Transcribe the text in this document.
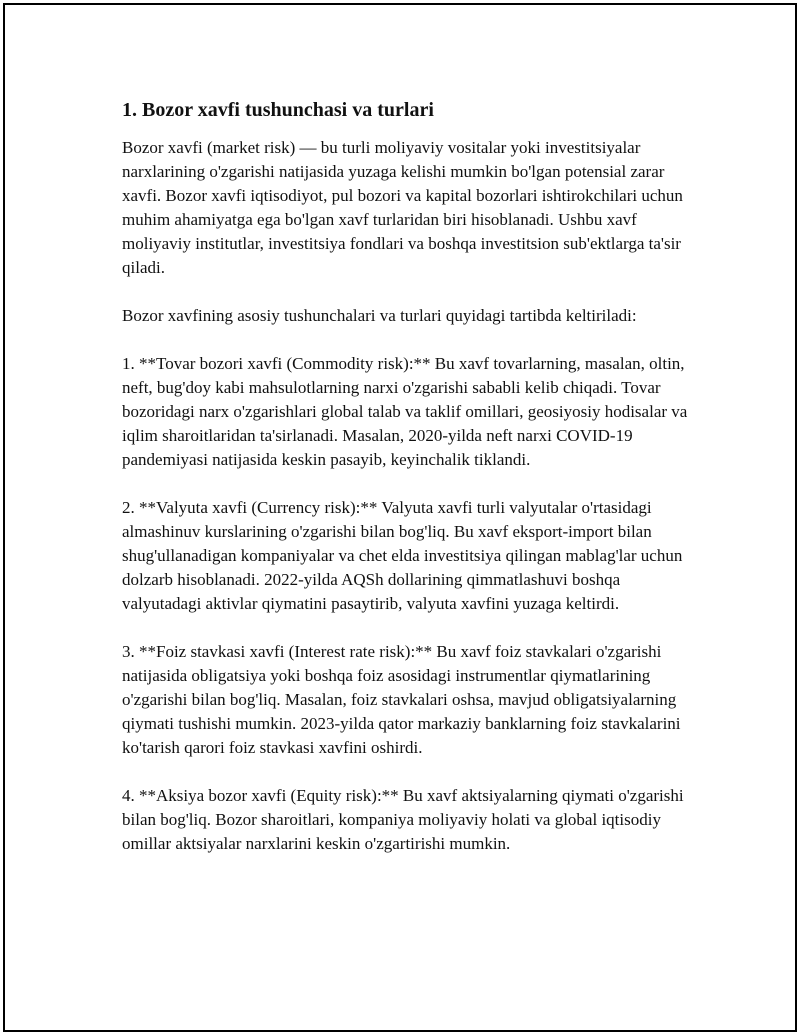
1. Bozor xavfi tushunchasi va turlari

Bozor xavfi (market risk) — bu turli moliyaviy vositalar yoki investitsiyalar narxlarining o'zgarishi natijasida yuzaga kelishi mumkin bo'lgan potensial zarar xavfi. Bozor xavfi iqtisodiyot, pul bozori va kapital bozorlari ishtirokchilari uchun muhim ahamiyatga ega bo'lgan xavf turlaridan biri hisoblanadi. Ushbu xavf moliyaviy institutlar, investitsiya fondlari va boshqa investitsion sub'ektlarga ta'sir qiladi.

Bozor xavfining asosiy tushunchalari va turlari quyidagi tartibda keltiriladi:

1. **Tovar bozori xavfi (Commodity risk):** Bu xavf tovarlarning, masalan, oltin, neft, bug'doy kabi mahsulotlarning narxi o'zgarishi sababli kelib chiqadi. Tovar bozoridagi narx o'zgarishlari global talab va taklif omillari, geosiyosiy hodisalar va iqlim sharoitlaridan ta'sirlanadi. Masalan, 2020-yilda neft narxi COVID-19 pandemiyasi natijasida keskin pasayib, keyinchalik tiklandi.

2. **Valyuta xavfi (Currency risk):** Valyuta xavfi turli valyutalar o'rtasidagi almashinuv kurslarining o'zgarishi bilan bog'liq. Bu xavf eksport-import bilan shug'ullanadigan kompaniyalar va chet elda investitsiya qilingan mablag'lar uchun dolzarb hisoblanadi. 2022-yilda AQSh dollarining qimmatlashuvi boshqa valyutadagi aktivlar qiymatini pasaytirib, valyuta xavfini yuzaga keltirdi.

3. **Foiz stavkasi xavfi (Interest rate risk):** Bu xavf foiz stavkalari o'zgarishi natijasida obligatsiya yoki boshqa foiz asosidagi instrumentlar qiymatlarining o'zgarishi bilan bog'liq. Masalan, foiz stavkalari oshsa, mavjud obligatsiyalarning qiymati tushishi mumkin. 2023-yilda qator markaziy banklarning foiz stavkalarini ko'tarish qarori foiz stavkasi xavfini oshirdi.

4. **Aksiya bozor xavfi (Equity risk):** Bu xavf aktsiyalarning qiymati o'zgarishi bilan bog'liq. Bozor sharoitlari, kompaniya moliyaviy holati va global iqtisodiy omillar aktsiyalar narxlarini keskin o'zgartirishi mumkin.
